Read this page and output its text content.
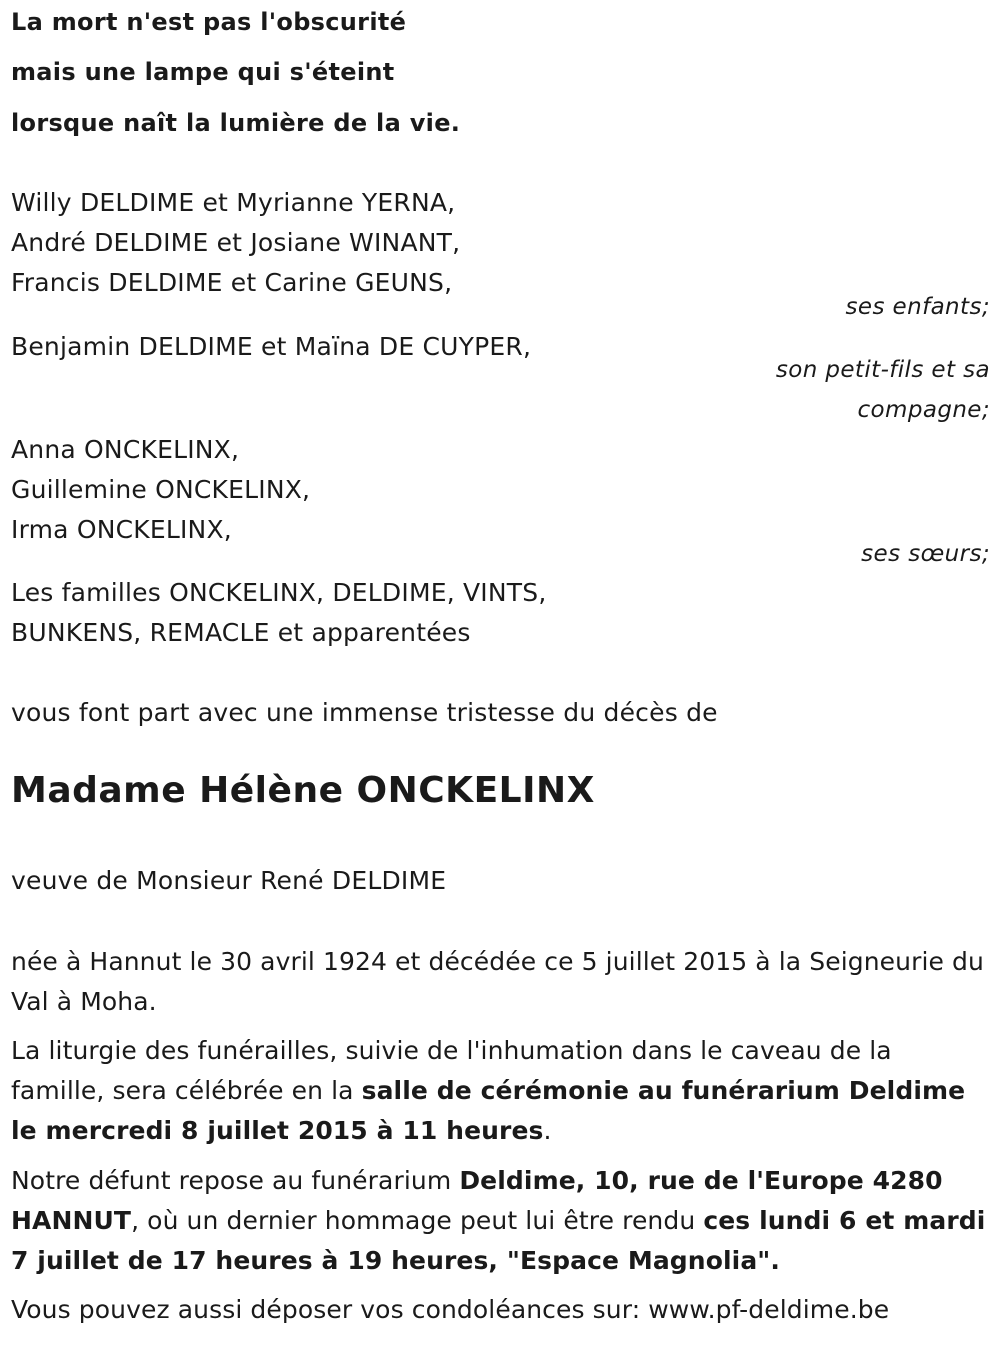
La mort n'est pas l'obscurité
mais une lampe qui s'éteint
lorsque naît la lumière de la vie.
Willy DELDIME et Myrianne YERNA,
André DELDIME et Josiane WINANT,
Francis DELDIME et Carine GEUNS,
ses enfants;
Benjamin DELDIME et Maïna DE CUYPER,
son petit-fils et sa
compagne;
Anna ONCKELINX,
Guillemine ONCKELINX,
Irma ONCKELINX,
ses sœurs;
Les familles ONCKELINX, DELDIME, VINTS,
BUNKENS, REMACLE et apparentées
vous font part avec une immense tristesse du décès de
Madame Hélène ONCKELINX
veuve de Monsieur René DELDIME
née à Hannut le 30 avril 1924 et décédée ce 5 juillet 2015 à la Seigneurie du Val à Moha.
La liturgie des funérailles, suivie de l'inhumation dans le caveau de la famille, sera célébrée en la salle de cérémonie au funérarium Deldime le mercredi 8 juillet 2015 à 11 heures.
Notre défunt repose au funérarium Deldime, 10, rue de l'Europe 4280 HANNUT, où un dernier hommage peut lui être rendu ces lundi 6 et mardi 7 juillet de 17 heures à 19 heures, "Espace Magnolia".
Vous pouvez aussi déposer vos condoléances sur: www.pf-deldime.be
